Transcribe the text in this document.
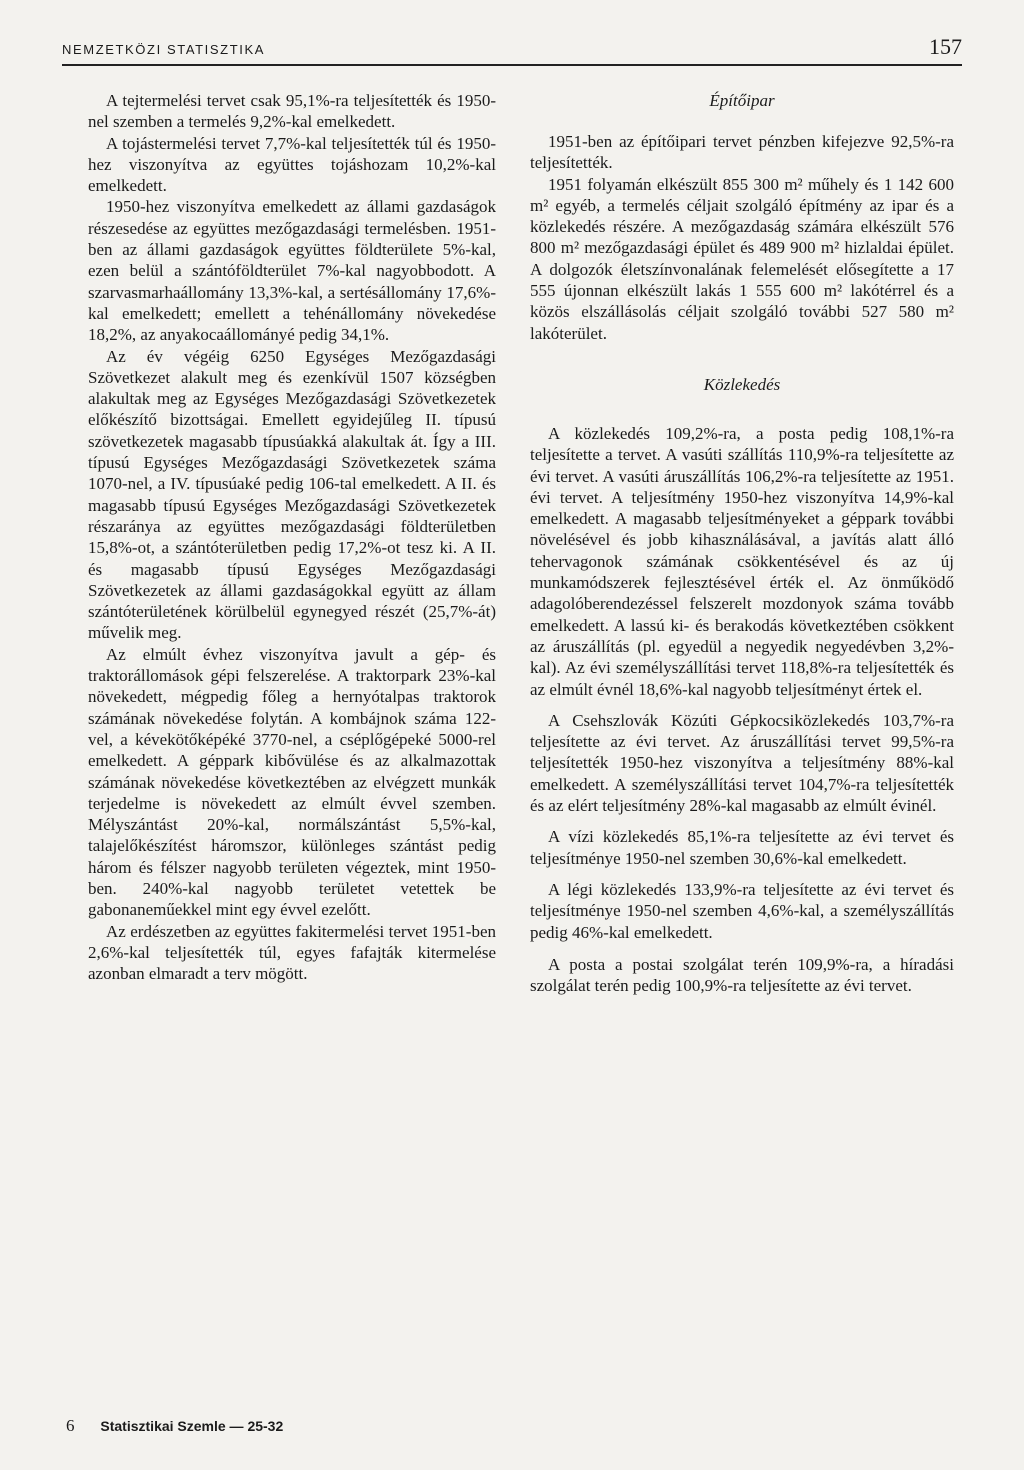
NEMZETKÖZI STATISZTIKA	157

A tejtermelési tervet csak 95,1%-ra teljesítették és 1950-nel szemben a termelés 9,2%-kal emelkedett.

A tojástermelési tervet 7,7%-kal teljesítették túl és 1950-hez viszonyítva az együttes tojáshozam 10,2%-kal emelkedett.

1950-hez viszonyítva emelkedett az állami gazdaságok részesedése az együttes mezőgazdasági termelésben. 1951-ben az állami gazdaságok együttes földterülete 5%-kal, ezen belül a szántóföldterület 7%-kal nagyobbodott. A szarvasmarhaállomány 13,3%-kal, a sertésállomány 17,6%-kal emelkedett; emellett a tehénállomány növekedése 18,2%, az anyakocaállományé pedig 34,1%.

Az év végéig 6250 Egységes Mezőgazdasági Szövetkezet alakult meg és ezenkívül 1507 községben alakultak meg az Egységes Mezőgazdasági Szövetkezetek előkészítő bizottságai. Emellett egyidejűleg II. típusú szövetkezetek magasabb típusúakká alakultak át. Így a III. típusú Egységes Mezőgazdasági Szövetkezetek száma 1070-nel, a IV. típusúaké pedig 106-tal emelkedett. A II. és magasabb típusú Egységes Mezőgazdasági Szövetkezetek részaránya az együttes mezőgazdasági földterületben 15,8%-ot, a szántóterületben pedig 17,2%-ot tesz ki. A II. és magasabb típusú Egységes Mezőgazdasági Szövetkezetek az állami gazdaságokkal együtt az állam szántóterületének körülbelül egynegyed részét (25,7%-át) művelik meg.

Az elmúlt évhez viszonyítva javult a gép- és traktorállomások gépi felszerelése. A traktorpark 23%-kal növekedett, mégpedig főleg a hernyótalpas traktorok számának növekedése folytán. A kombájnok száma 122-vel, a kévekötőképéké 3770-nel, a cséplőgépeké 5000-rel emelkedett. A géppark kibővülése és az alkalmazottak számának növekedése következtében az elvégzett munkák terjedelme is növekedett az elmúlt évvel szemben. Mélyszántást 20%-kal, normálszántást 5,5%-kal, talajelőkészítést háromszor, különleges szántást pedig három és félszer nagyobb területen végeztek, mint 1950-ben. 240%-kal nagyobb területet vetettek be gabonaneműekkel mint egy évvel ezelőtt.

Az erdészetben az együttes fakitermelési tervet 1951-ben 2,6%-kal teljesítették túl, egyes fafajták kitermelése azonban elmaradt a terv mögött.

Építőipar

1951-ben az építőipari tervet pénzben kifejezve 92,5%-ra teljesítették.

1951 folyamán elkészült 855 300 m² műhely és 1 142 600 m² egyéb, a termelés céljait szolgáló építmény az ipar és a közlekedés részére. A mezőgazdaság számára elkészült 576 800 m² mezőgazdasági épület és 489 900 m² hizlaldai épület. A dolgozók életszínvonalának felemelését elősegítette a 17 555 újonnan elkészült lakás 1 555 600 m² lakótérrel és a közös elszállásolás céljait szolgáló további 527 580 m² lakóterület.

Közlekedés

A közlekedés 109,2%-ra, a posta pedig 108,1%-ra teljesítette a tervet. A vasúti szállítás 110,9%-ra teljesítette az évi tervet. A vasúti áruszállítás 106,2%-ra teljesítette az 1951. évi tervet. A teljesítmény 1950-hez viszonyítva 14,9%-kal emelkedett. A magasabb teljesítményeket a géppark további növelésével és jobb kihasználásával, a javítás alatt álló tehervagonok számának csökkentésével és az új munkamódszerek fejlesztésével érték el. Az önműködő adagolóberendezéssel felszerelt mozdonyok száma tovább emelkedett. A lassú ki- és berakodás következtében csökkent az áruszállítás (pl. egyedül a negyedik negyedévben 3,2%-kal). Az évi személyszállítási tervet 118,8%-ra teljesítették és az elmúlt évnél 18,6%-kal nagyobb teljesítményt értek el.

A Csehszlovák Közúti Gépkocsiközlekedés 103,7%-ra teljesítette az évi tervet. Az áruszállítási tervet 99,5%-ra teljesítették 1950-hez viszonyítva a teljesítmény 88%-kal emelkedett. A személyszállítási tervet 104,7%-ra teljesítették és az elért teljesítmény 28%-kal magasabb az elmúlt évinél.

A vízi közlekedés 85,1%-ra teljesítette az évi tervet és teljesítménye 1950-nel szemben 30,6%-kal emelkedett.

A légi közlekedés 133,9%-ra teljesítette az évi tervet és teljesítménye 1950-nel szemben 4,6%-kal, a személyszállítás pedig 46%-kal emelkedett.

A posta a postai szolgálat terén 109,9%-ra, a híradási szolgálat terén pedig 100,9%-ra teljesítette az évi tervet.

6 Statisztikai Szemle — 25-32
